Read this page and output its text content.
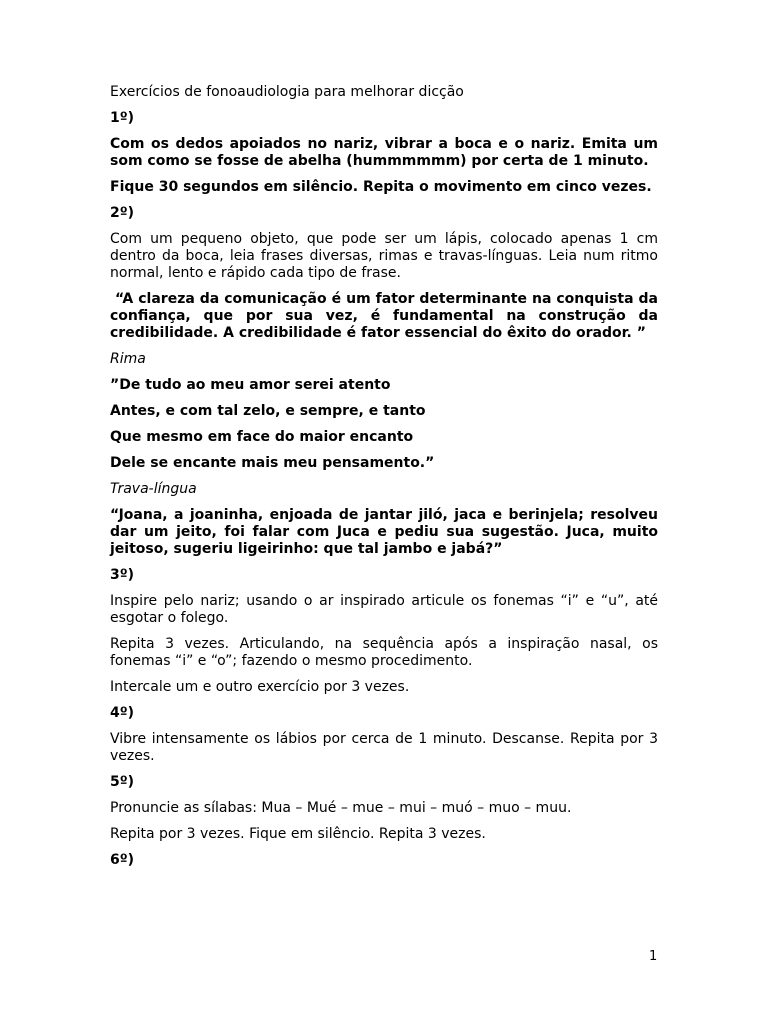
Exercícios de fonoaudiologia para melhorar dicção

1º)

Com os dedos apoiados no nariz, vibrar a boca e o nariz. Emita um som como se fosse de abelha (hummmmmm) por certa de 1 minuto.

Fique 30 segundos em silêncio. Repita o movimento em cinco vezes.

2º)

Com um pequeno objeto, que pode ser um lápis, colocado apenas 1 cm dentro da boca, leia frases diversas, rimas e travas-línguas. Leia num ritmo normal, lento e rápido cada tipo de frase.

“A clareza da comunicação é um fator determinante na conquista da confiança, que por sua vez, é fundamental na construção da credibilidade. A credibilidade é fator essencial do êxito do orador. ”

Rima

”De tudo ao meu amor serei atento

Antes, e com tal zelo, e sempre, e tanto

Que mesmo em face do maior encanto

Dele se encante mais meu pensamento.”

Trava-língua

“Joana, a joaninha, enjoada de jantar jiló, jaca e berinjela; resolveu dar um jeito, foi falar com Juca e pediu sua sugestão. Juca, muito jeitoso, sugeriu ligeirinho: que tal jambo e jabá?”

3º)

Inspire pelo nariz; usando o ar inspirado articule os fonemas “i” e “u”, até esgotar o folego.

Repita 3 vezes. Articulando, na sequência após a inspiração nasal, os fonemas “i” e “o”; fazendo o mesmo procedimento.

Intercale um e outro exercício por 3 vezes.

4º)

Vibre intensamente os lábios por cerca de 1 minuto. Descanse. Repita por 3 vezes.

5º)

Pronuncie as sílabas: Mua – Mué – mue – mui – muó – muo – muu.

Repita por 3 vezes. Fique em silêncio. Repita 3 vezes.

6º)

1
